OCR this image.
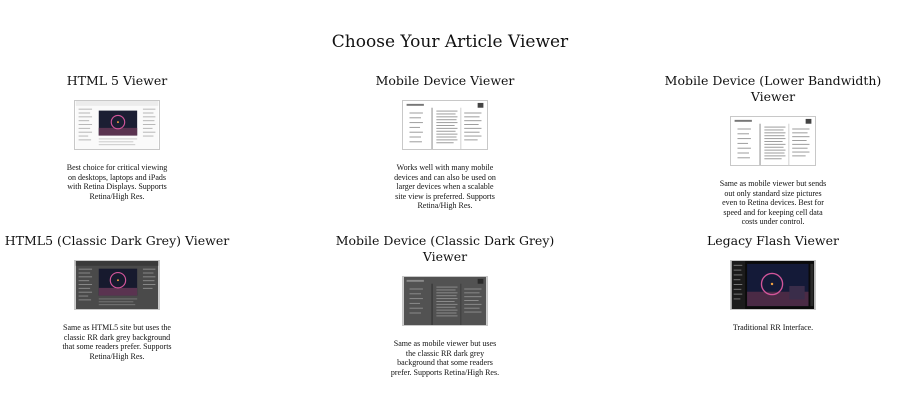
Choose Your Article Viewer
HTML 5 Viewer
Best choice for critical viewing on desktops, laptops and iPads with Retina Displays. Supports Retina/High Res.
Mobile Device Viewer
Works well with many mobile devices and can also be used on larger devices when a scalable site view is preferred. Supports Retina/High Res.
Mobile Device (Lower Bandwidth) Viewer
Same as mobile viewer but sends out only standard size pictures even to Retina devices. Best for speed and for keeping cell data costs under control.
HTML5 (Classic Dark Grey) Viewer
Same as HTML5 site but uses the classic RR dark grey background that some readers prefer. Supports Retina/High Res.
Mobile Device (Classic Dark Grey) Viewer
Same as mobile viewer but uses the classic RR dark grey background that some readers prefer. Supports Retina/High Res.
Legacy Flash Viewer
Traditional RR Interface.
